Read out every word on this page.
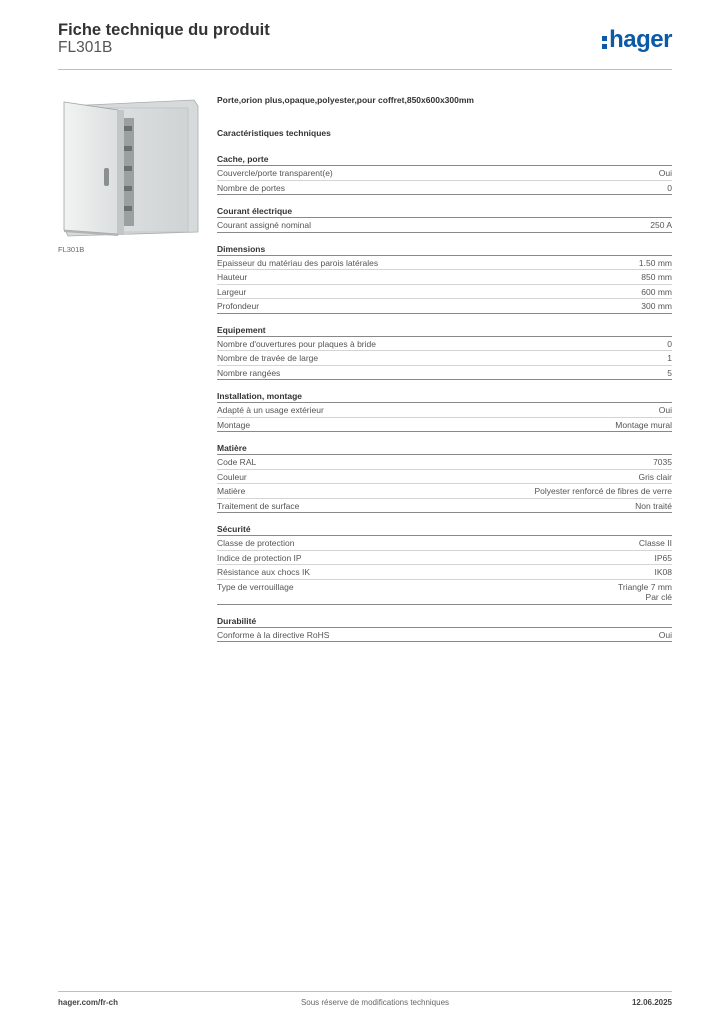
Fiche technique du produit
FL301B	hager
FL301B
Porte,orion plus,opaque,polyester,pour coffret,850x600x300mm
Caractéristiques techniques
Cache, porte
Couvercle/porte transparent(e)	Oui
Nombre de portes	0
Courant électrique
Courant assigné nominal	250 A
Dimensions
Epaisseur du matériau des parois latérales	1.50 mm
Hauteur	850 mm
Largeur	600 mm
Profondeur	300 mm
Equipement
Nombre d'ouvertures pour plaques à bride	0
Nombre de travée de large	1
Nombre rangées	5
Installation, montage
Adapté à un usage extérieur	Oui
Montage	Montage mural
Matière
Code RAL	7035
Couleur	Gris clair
Matière	Polyester renforcé de fibres de verre
Traitement de surface	Non traité
Sécurité
Classe de protection	Classe II
Indice de protection IP	IP65
Résistance aux chocs IK	IK08
Type de verrouillage	Triangle 7 mm
Par clé
Durabilité
Conforme à la directive RoHS	Oui
hager.com/fr-ch	Sous réserve de modifications techniques	12.06.2025
